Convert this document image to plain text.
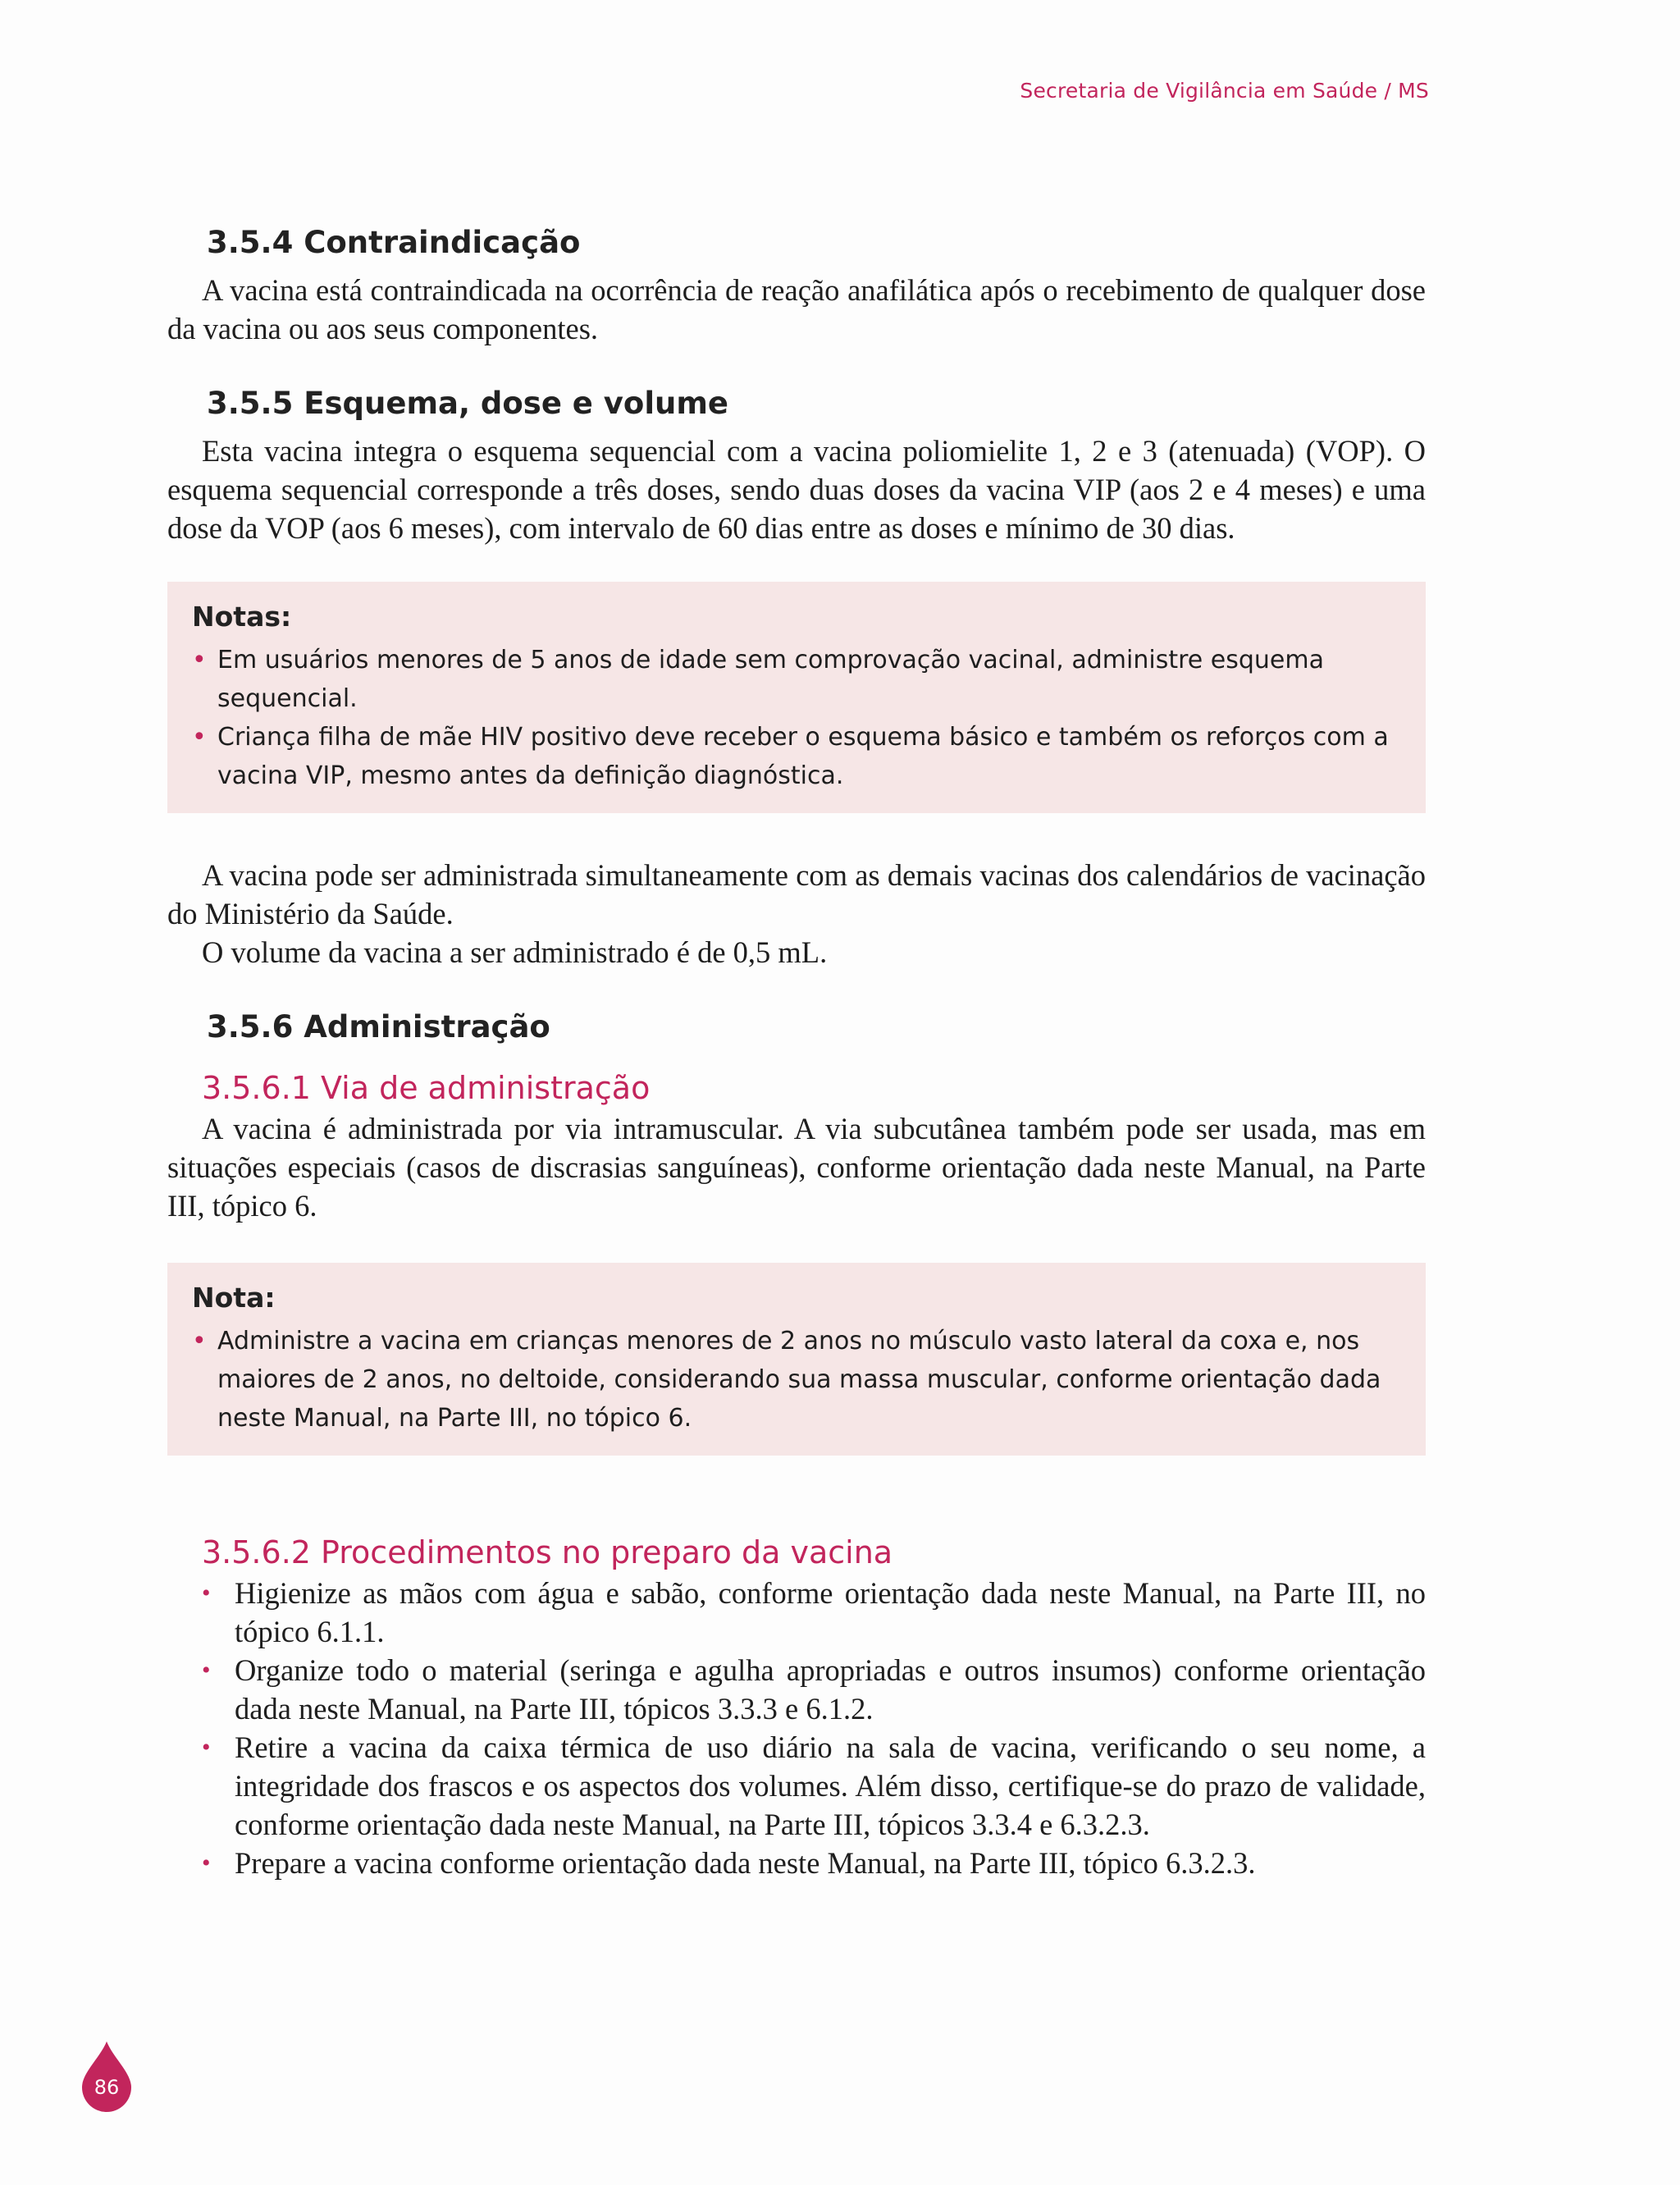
Secretaria de Vigilância em Saúde / MS
3.5.4 Contraindicação

A vacina está contraindicada na ocorrência de reação anafilática após o recebimento de qualquer dose da vacina ou aos seus componentes.

3.5.5 Esquema, dose e volume

Esta vacina integra o esquema sequencial com a vacina poliomielite 1, 2 e 3 (atenuada) (VOP). O esquema sequencial corresponde a três doses, sendo duas doses da vacina VIP (aos 2 e 4 meses) e uma dose da VOP (aos 6 meses), com intervalo de 60 dias entre as doses e mínimo de 30 dias.

Notas:
• Em usuários menores de 5 anos de idade sem comprovação vacinal, administre esquema sequencial.
• Criança filha de mãe HIV positivo deve receber o esquema básico e também os reforços com a vacina VIP, mesmo antes da definição diagnóstica.

A vacina pode ser administrada simultaneamente com as demais vacinas dos calendários de vacinação do Ministério da Saúde.

O volume da vacina a ser administrado é de 0,5 mL.

3.5.6 Administração
3.5.6.1 Via de administração

A vacina é administrada por via intramuscular. A via subcutânea também pode ser usada, mas em situações especiais (casos de discrasias sanguíneas), conforme orientação dada neste Manual, na Parte III, tópico 6.

Nota:
• Administre a vacina em crianças menores de 2 anos no músculo vasto lateral da coxa e, nos maiores de 2 anos, no deltoide, considerando sua massa muscular, conforme orientação dada neste Manual, na Parte III, no tópico 6.
3.5.6.2 Procedimentos no preparo da vacina
• Higienize as mãos com água e sabão, conforme orientação dada neste Manual, na Parte III, no tópico 6.1.1.
• Organize todo o material (seringa e agulha apropriadas e outros insumos) conforme orientação dada neste Manual, na Parte III, tópicos 3.3.3 e 6.1.2.
• Retire a vacina da caixa térmica de uso diário na sala de vacina, verificando o seu nome, a integridade dos frascos e os aspectos dos volumes. Além disso, certifique-se do prazo de validade, conforme orientação dada neste Manual, na Parte III, tópicos 3.3.4 e 6.3.2.3.
• Prepare a vacina conforme orientação dada neste Manual, na Parte III, tópico 6.3.2.3.
86
